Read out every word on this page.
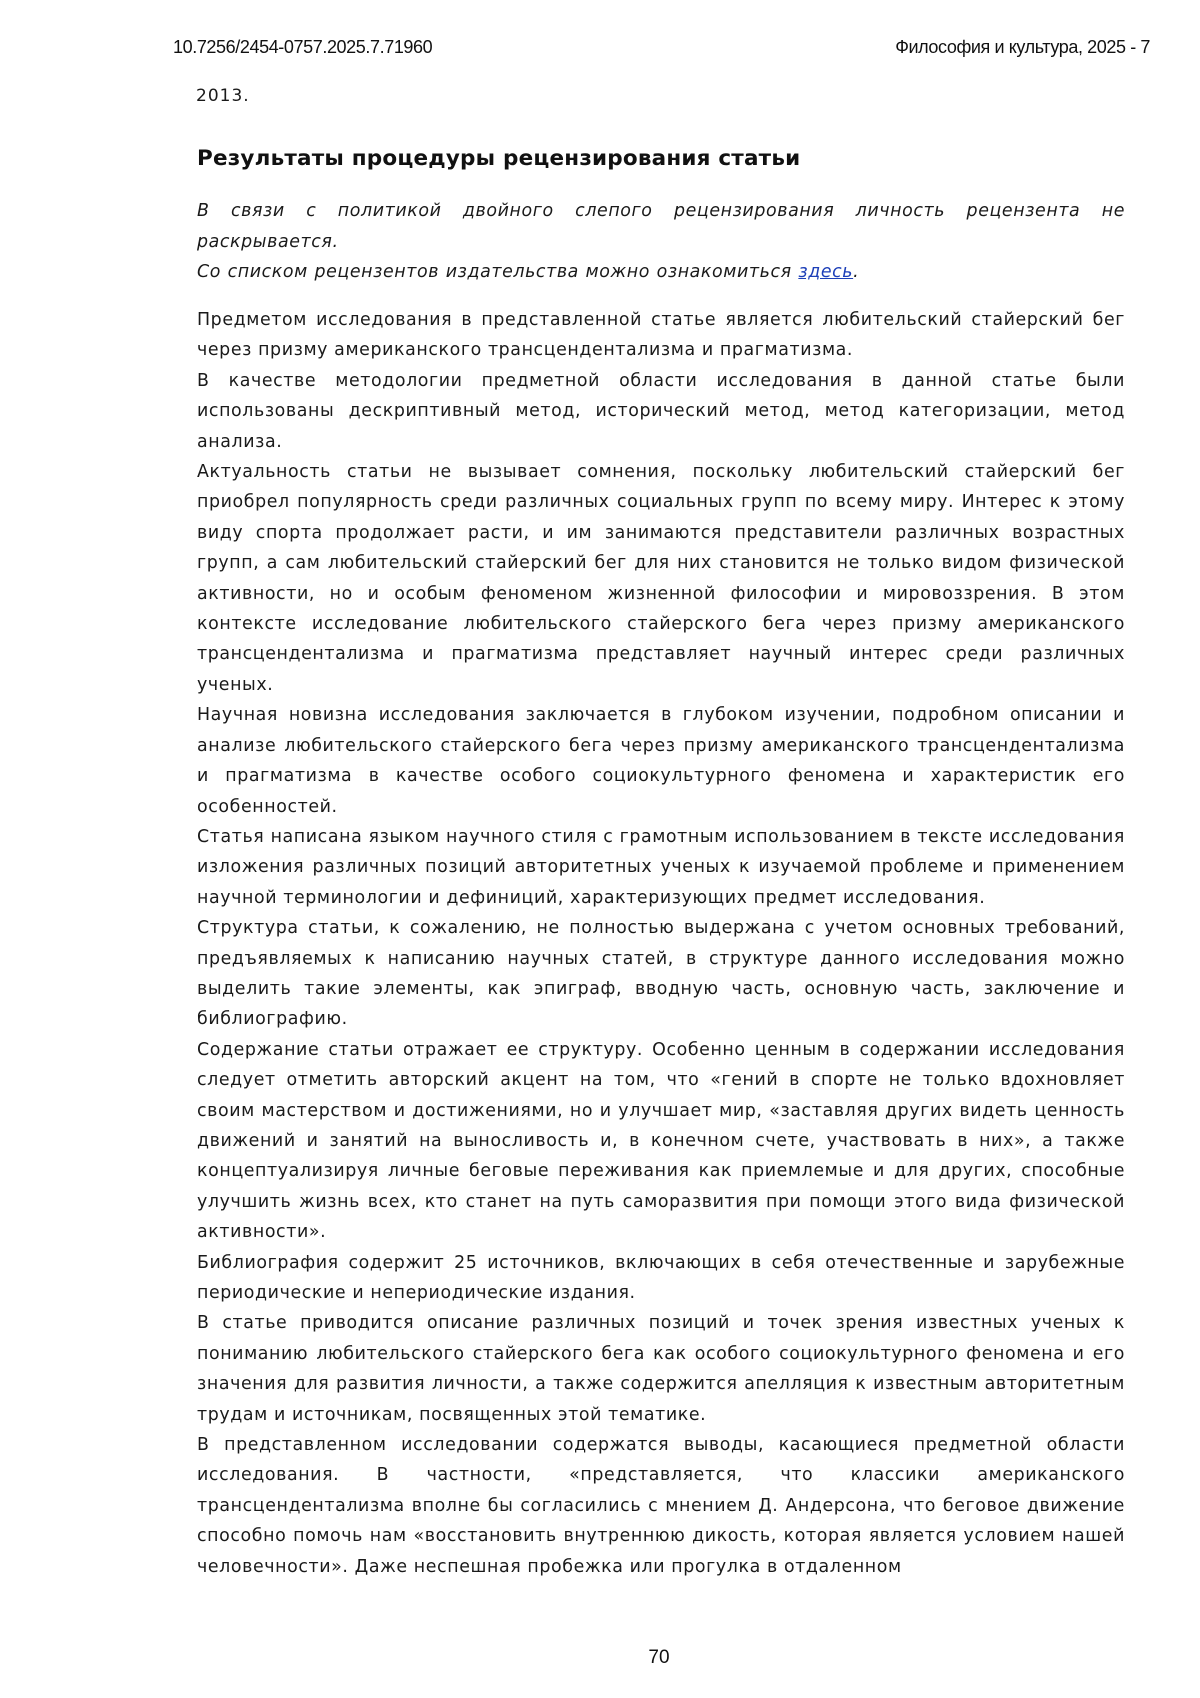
10.7256/2454-0757.2025.7.71960	Философия и культура, 2025 - 7
2013.
Результаты процедуры рецензирования статьи

В связи с политикой двойного слепого рецензирования личность рецензента не раскрывается.

Со списком рецензентов издательства можно ознакомиться здесь.

Предметом исследования в представленной статье является любительский стайерский бег через призму американского трансцендентализма и прагматизма.

В качестве методологии предметной области исследования в данной статье были использованы дескриптивный метод, исторический метод, метод категоризации, метод анализа.

Актуальность статьи не вызывает сомнения, поскольку любительский стайерский бег приобрел популярность среди различных социальных групп по всему миру. Интерес к этому виду спорта продолжает расти, и им занимаются представители различных возрастных групп, а сам любительский стайерский бег для них становится не только видом физической активности, но и особым феноменом жизненной философии и мировоззрения. В этом контексте исследование любительского стайерского бега через призму американского трансцендентализма и прагматизма представляет научный интерес среди различных ученых.

Научная новизна исследования заключается в глубоком изучении, подробном описании и анализе любительского стайерского бега через призму американского трансцендентализма и прагматизма в качестве особого социокультурного феномена и характеристик его особенностей.

Статья написана языком научного стиля с грамотным использованием в тексте исследования изложения различных позиций авторитетных ученых к изучаемой проблеме и применением научной терминологии и дефиниций, характеризующих предмет исследования.

Структура статьи, к сожалению, не полностью выдержана с учетом основных требований, предъявляемых к написанию научных статей, в структуре данного исследования можно выделить такие элементы, как эпиграф, вводную часть, основную часть, заключение и библиографию.

Содержание статьи отражает ее структуру. Особенно ценным в содержании исследования следует отметить авторский акцент на том, что «гений в спорте не только вдохновляет своим мастерством и достижениями, но и улучшает мир, «заставляя других видеть ценность движений и занятий на выносливость и, в конечном счете, участвовать в них», а также концептуализируя личные беговые переживания как приемлемые и для других, способные улучшить жизнь всех, кто станет на путь саморазвития при помощи этого вида физической активности».

Библиография содержит 25 источников, включающих в себя отечественные и зарубежные периодические и непериодические издания.

В статье приводится описание различных позиций и точек зрения известных ученых к пониманию любительского стайерского бега как особого социокультурного феномена и его значения для развития личности, а также содержится апелляция к известным авторитетным трудам и источникам, посвященных этой тематике.

В представленном исследовании содержатся выводы, касающиеся предметной области исследования. В частности, «представляется, что классики американского трансцендентализма вполне бы согласились с мнением Д. Андерсона, что беговое движение способно помочь нам «восстановить внутреннюю дикость, которая является условием нашей человечности». Даже неспешная пробежка или прогулка в отдаленном

70
